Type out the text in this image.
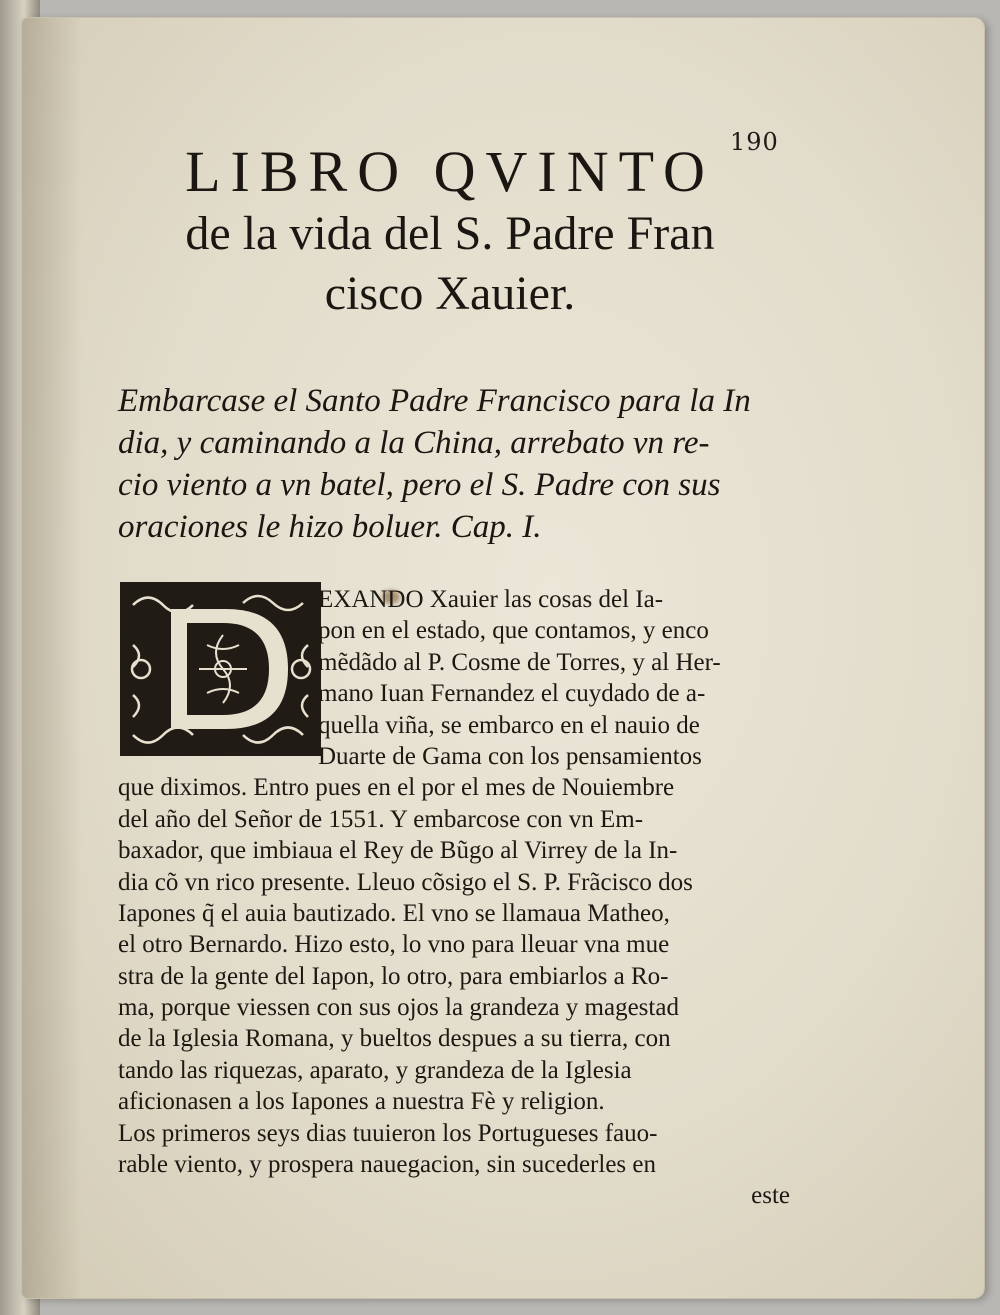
190
LIBRO QVINTO

de la vida del S. Padre Fran

cisco Xauier.

Embarcase el Santo Padre Francisco para la In
dia, y caminando a la China, arrebato vn re-
cio viento a vn batel, pero el S. Padre con sus
oraciones le hizo boluer. Cap. I.
EXANDO Xauier las cosas del Ia-
pon en el estado, que contamos, y enco
mẽdãdo al P. Cosme de Torres, y al Her-
mano Iuan Fernandez el cuydado de a-
quella viña, se embarco en el nauio de
Duarte de Gama con los pensamientos
que diximos. Entro pues en el por el mes de Nouiembre
del año del Señor de 1551. Y embarcose con vn Em-
baxador, que imbiaua el Rey de Bũgo al Virrey de la In-
dia cõ vn rico presente. Lleuo cõsigo el S. P. Frãcisco dos
Iapones q̃ el auia bautizado. El vno se llamaua Matheo,
el otro Bernardo. Hizo esto, lo vno para lleuar vna mue
stra de la gente del Iapon, lo otro, para embiarlos a Ro-
ma, porque viessen con sus ojos la grandeza y magestad
de la Iglesia Romana, y bueltos despues a su tierra, con
tando las riquezas, aparato, y grandeza de la Iglesia
aficionasen a los Iapones a nuestra Fè y religion.
Los primeros seys dias tuuieron los Portugueses fauo-
rable viento, y prospera nauegacion, sin sucederles en
este
